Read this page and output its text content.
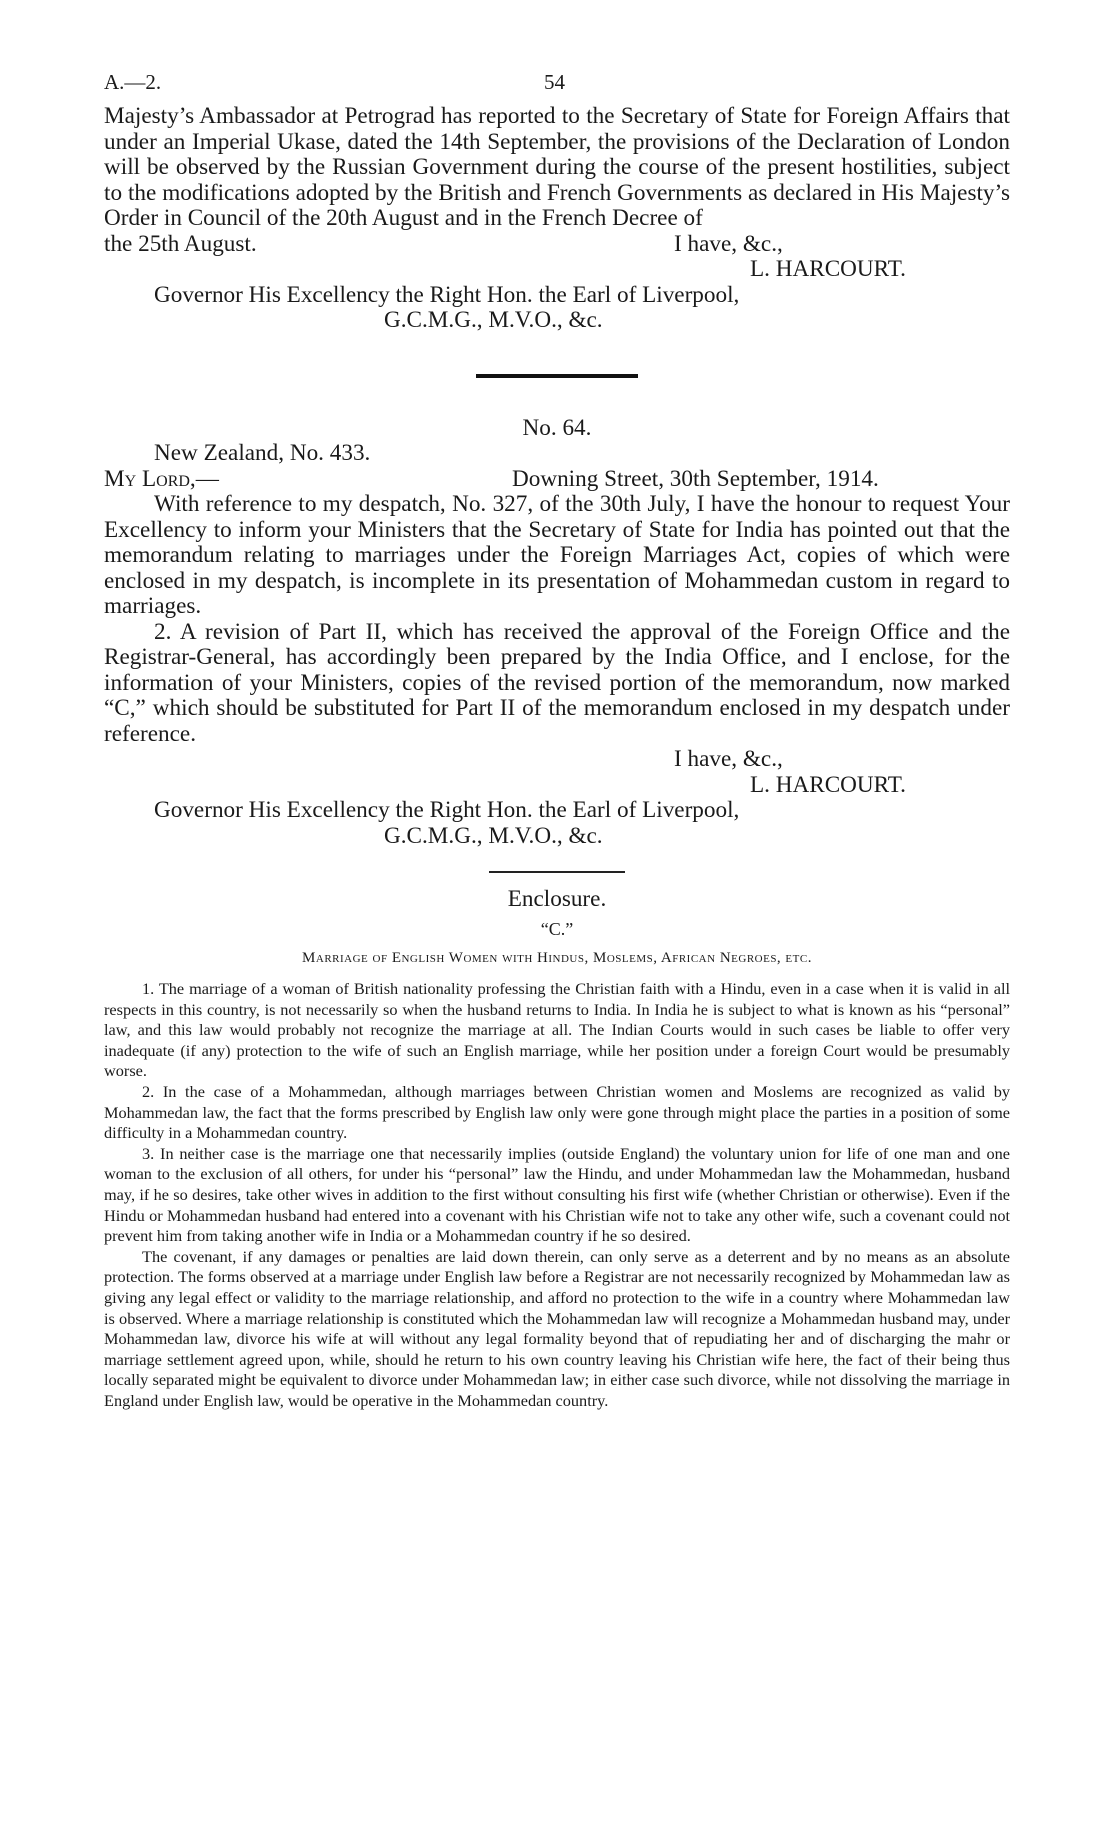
A.—2.	54

Majesty’s Ambassador at Petrograd has reported to the Secretary of State for Foreign Affairs that under an Imperial Ukase, dated the 14th September, the provisions of the Declaration of London will be observed by the Russian Government during the course of the present hostilities, subject to the modifications adopted by the British and French Governments as declared in His Majesty’s Order in Council of the 20th August and in the French Decree of

the 25th August.	I have, &c.,
L. HARCOURT.
Governor His Excellency the Right Hon. the Earl of Liverpool,
G.C.M.G., M.V.O., &c.
No. 64.
New Zealand, No. 433.
My Lord,—	Downing Street, 30th September, 1914.

With reference to my despatch, No. 327, of the 30th July, I have the honour to request Your Excellency to inform your Ministers that the Secretary of State for India has pointed out that the memorandum relating to marriages under the Foreign Marriages Act, copies of which were enclosed in my despatch, is incomplete in its presentation of Mohammedan custom in regard to marriages.

2. A revision of Part II, which has received the approval of the Foreign Office and the Registrar-General, has accordingly been prepared by the India Office, and I enclose, for the information of your Ministers, copies of the revised portion of the memorandum, now marked “C,” which should be substituted for Part II of the memorandum enclosed in my despatch under reference.

I have, &c.,
L. HARCOURT.
Governor His Excellency the Right Hon. the Earl of Liverpool,
G.C.M.G., M.V.O., &c.
Enclosure.
“C.”
Marriage of English Women with Hindus, Moslems, African Negroes, etc.

1. The marriage of a woman of British nationality professing the Christian faith with a Hindu, even in a case when it is valid in all respects in this country, is not necessarily so when the husband returns to India. In India he is subject to what is known as his “personal” law, and this law would probably not recognize the marriage at all. The Indian Courts would in such cases be liable to offer very inadequate (if any) protection to the wife of such an English marriage, while her position under a foreign Court would be presumably worse.

2. In the case of a Mohammedan, although marriages between Christian women and Moslems are recognized as valid by Mohammedan law, the fact that the forms prescribed by English law only were gone through might place the parties in a position of some difficulty in a Mohammedan country.

3. In neither case is the marriage one that necessarily implies (outside England) the voluntary union for life of one man and one woman to the exclusion of all others, for under his “personal” law the Hindu, and under Mohammedan law the Mohammedan, husband may, if he so desires, take other wives in addition to the first without consulting his first wife (whether Christian or otherwise). Even if the Hindu or Mohammedan husband had entered into a covenant with his Christian wife not to take any other wife, such a covenant could not prevent him from taking another wife in India or a Mohammedan country if he so desired.

The covenant, if any damages or penalties are laid down therein, can only serve as a deterrent and by no means as an absolute protection. The forms observed at a marriage under English law before a Registrar are not necessarily recognized by Mohammedan law as giving any legal effect or validity to the marriage relationship, and afford no protection to the wife in a country where Mohammedan law is observed. Where a marriage relationship is constituted which the Mohammedan law will recognize a Mohammedan husband may, under Mohammedan law, divorce his wife at will without any legal formality beyond that of repudiating her and of discharging the mahr or marriage settlement agreed upon, while, should he return to his own country leaving his Christian wife here, the fact of their being thus locally separated might be equivalent to divorce under Mohammedan law; in either case such divorce, while not dissolving the marriage in England under English law, would be operative in the Mohammedan country.
